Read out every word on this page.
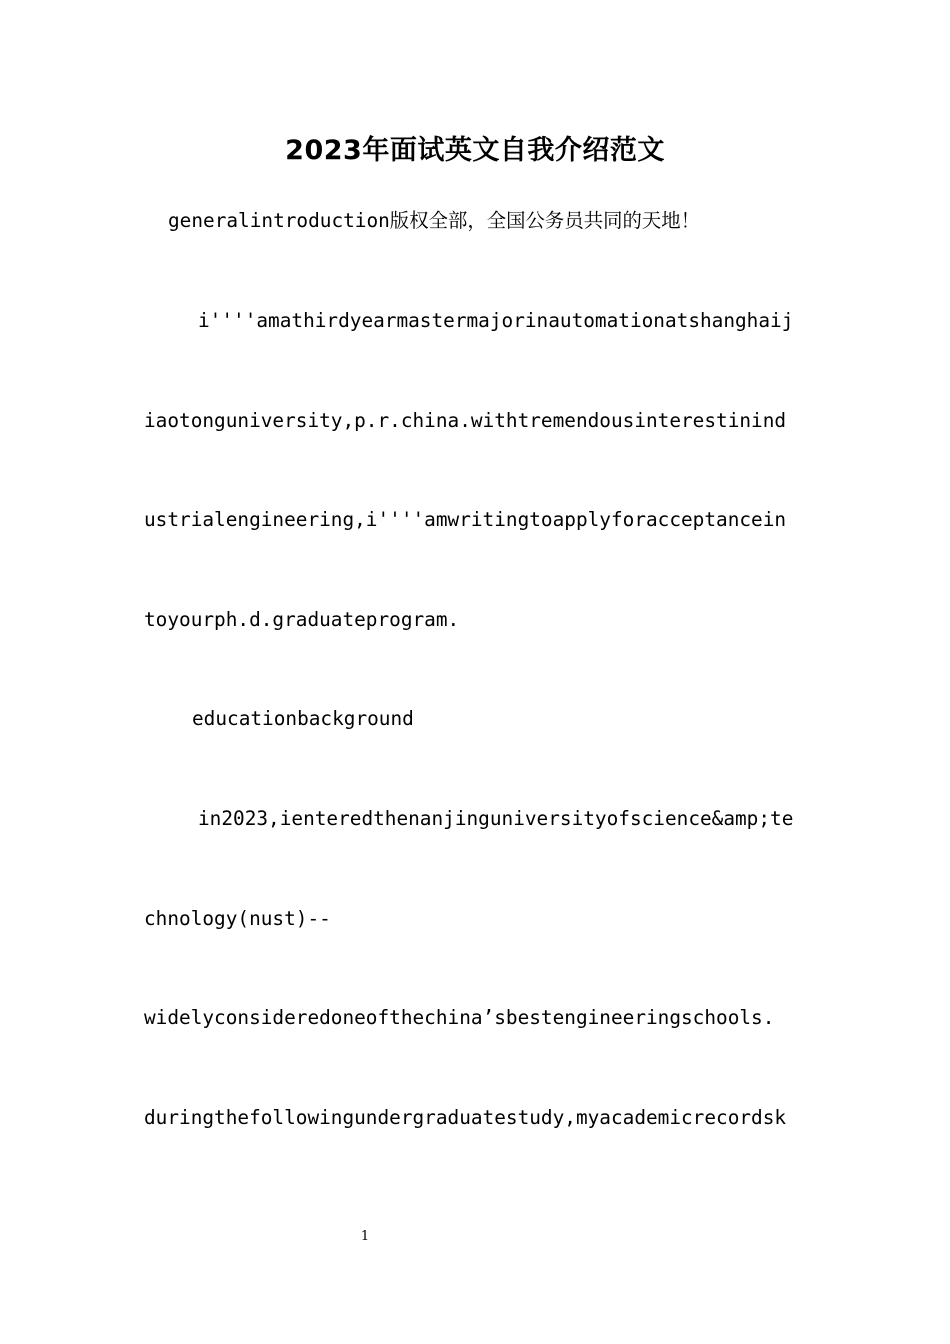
2023年面试英文自我介绍范文
generalintroduction版权全部，全国公务员共同的天地！
i''''amathirdyearmastermajorinautomationatshanghaij
iaotonguniversity,p.r.china.withtremendousinterestinind
ustrialengineering,i''''amwritingtoapplyforacceptancein
toyourph.d.graduateprogram.
educationbackground
in2023,ienteredthenanjinguniversityofscience&amp;te
chnology(nust)--
widelyconsideredoneofthechina’sbestengineeringschools.
duringthefollowingundergraduatestudy,myacademicrecordsk
1
